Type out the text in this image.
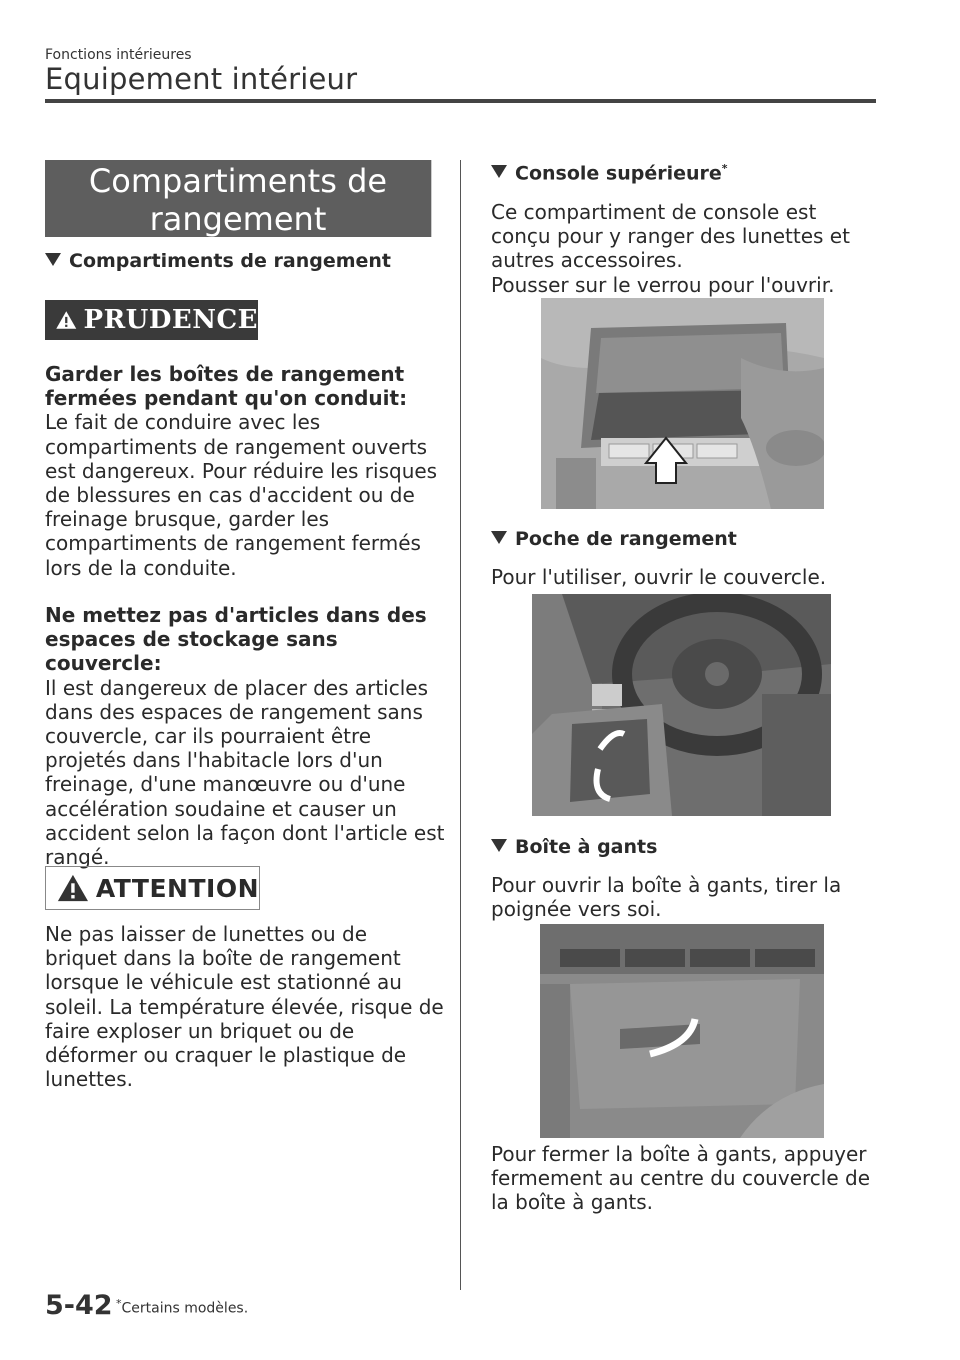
Fonctions intérieures
Equipement intérieur
Compartiments de rangement
Compartiments de rangement
PRUDENCE
Garder les boîtes de rangement fermées pendant qu'on conduit:
Le fait de conduire avec les compartiments de rangement ouverts est dangereux. Pour réduire les risques de blessures en cas d'accident ou de freinage brusque, garder les compartiments de rangement fermés lors de la conduite.
Ne mettez pas d'articles dans des espaces de stockage sans couvercle:
Il est dangereux de placer des articles dans des espaces de rangement sans couvercle, car ils pourraient être projetés dans l'habitacle lors d'un freinage, d'une manœuvre ou d'une accélération soudaine et causer un accident selon la façon dont l'article est rangé.
ATTENTION
Ne pas laisser de lunettes ou de briquet dans la boîte de rangement lorsque le véhicule est stationné au soleil. La température élevée, risque de faire exploser un briquet ou de déformer ou craquer le plastique de lunettes.
Console supérieure*
Ce compartiment de console est conçu pour y ranger des lunettes et autres accessoires.
Pousser sur le verrou pour l'ouvrir.
Poche de rangement
Pour l'utiliser, ouvrir le couvercle.
Boîte à gants
Pour ouvrir la boîte à gants, tirer la poignée vers soi.
Pour fermer la boîte à gants, appuyer fermement au centre du couvercle de la boîte à gants.
5-42 *Certains modèles.
